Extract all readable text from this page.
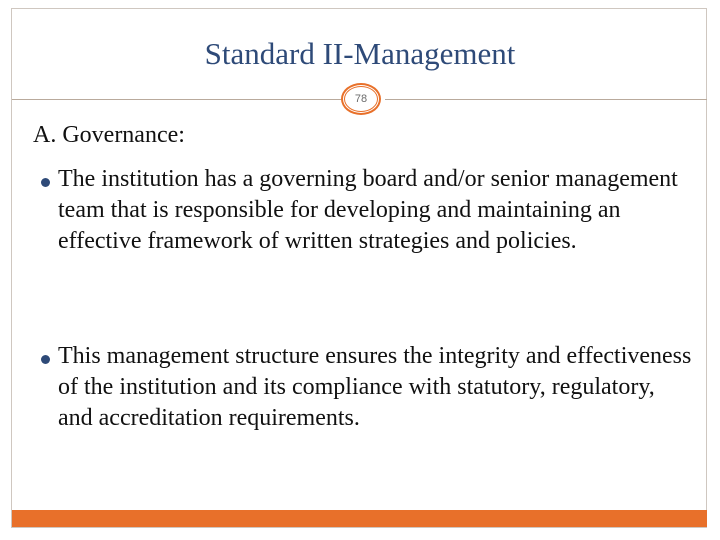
Standard II-Management
78
A. Governance:
The institution has a governing board and/or senior management team that is responsible for developing and maintaining an effective framework of written strategies and policies.
This management structure ensures the integrity and effectiveness of the institution and its compliance with statutory, regulatory, and accreditation requirements.
